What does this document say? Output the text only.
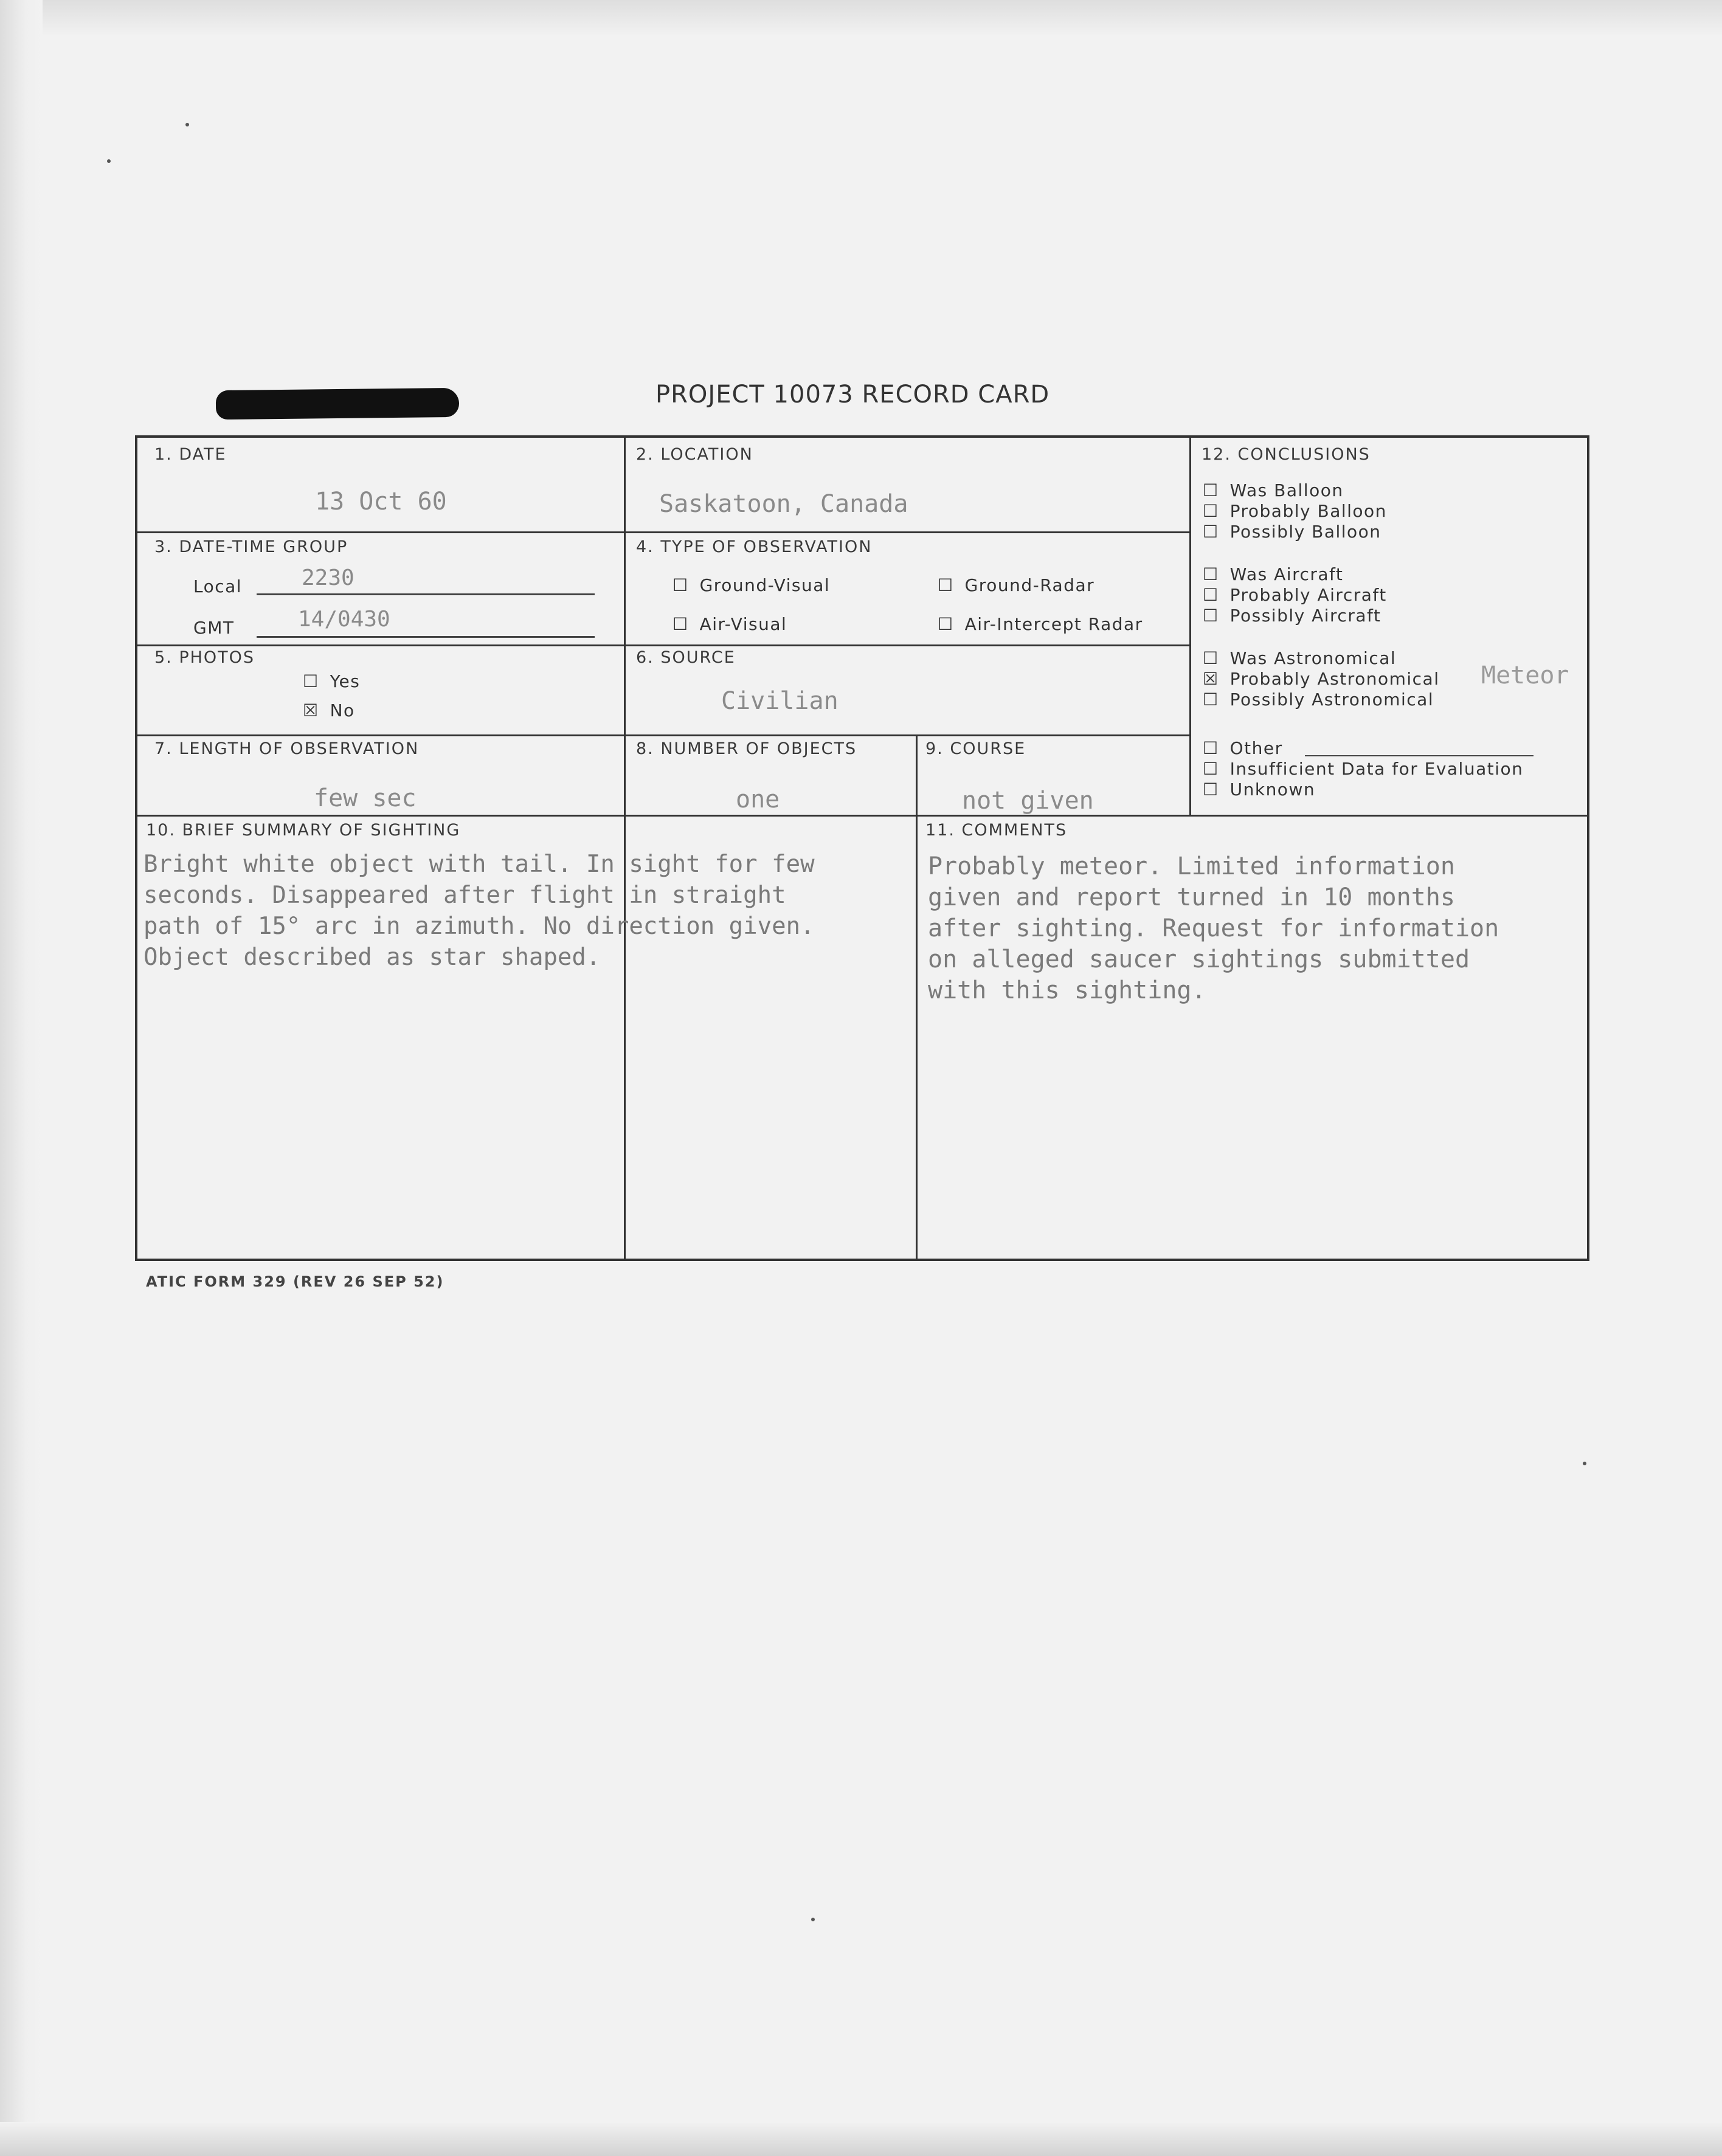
PROJECT 10073 RECORD CARD
1. DATE
13 Oct 60
2. LOCATION
Saskatoon, Canada
3. DATE-TIME GROUP
Local	2230
GMT	14/0430
4. TYPE OF OBSERVATION
☐ Ground-Visual	☐ Ground-Radar
☐ Air-Visual	☐ Air-Intercept Radar
5. PHOTOS
☐ Yes
☒ No
6. SOURCE
Civilian
7. LENGTH OF OBSERVATION
few sec
8. NUMBER OF OBJECTS
one
9. COURSE
not given
12. CONCLUSIONS
☐ Was Balloon
☐ Probably Balloon
☐ Possibly Balloon
☐ Was Aircraft
☐ Probably Aircraft
☐ Possibly Aircraft
☐ Was Astronomical
☒ Probably Astronomical Meteor
☐ Possibly Astronomical
☐ Other
☐ Insufficient Data for Evaluation
☐ Unknown
10. BRIEF SUMMARY OF SIGHTING
Bright white object with tail. In sight for few
seconds. Disappeared after flight in straight
path of 15° arc in azimuth. No direction given.
Object described as star shaped.
11. COMMENTS
Probably meteor. Limited information
given and report turned in 10 months
after sighting. Request for information
on alleged saucer sightings submitted
with this sighting.
ATIC FORM 329 (REV 26 SEP 52)
